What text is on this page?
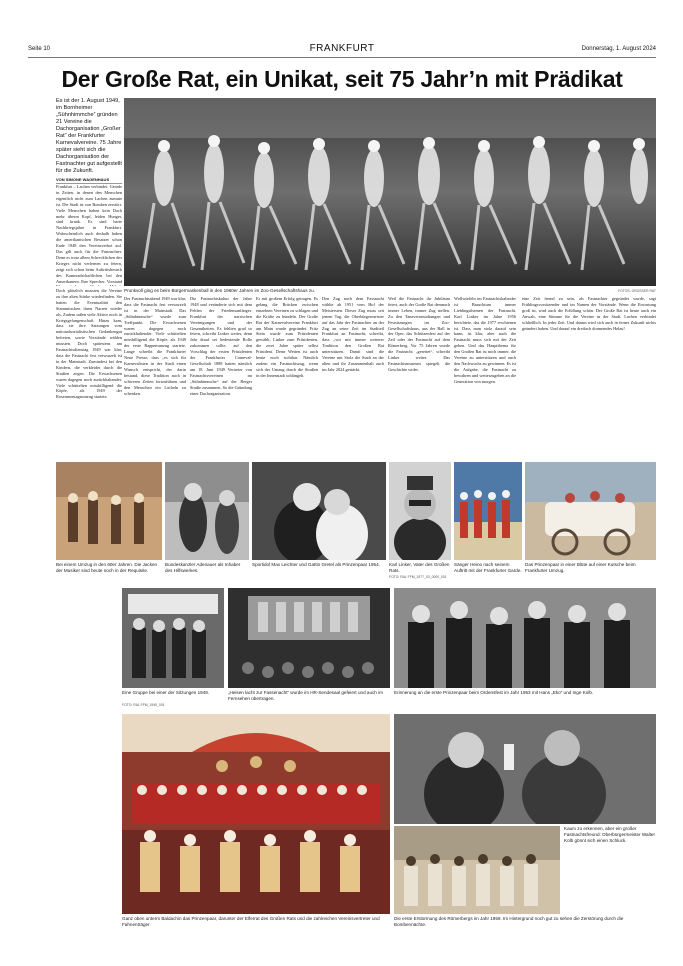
Seite 10	FRANKFURT	Donnerstag, 1. August 2024
Der Große Rat, ein Unikat, seit 75 Jahr’n mit Prädikat

Es ist der 1. August 1949, im Bornheimer „Sühnhimmche“ gründen 21 Vereine die Dachorganisation „Großer Rat“ der Frankfurter Karnevalvereine. 75 Jahre später sieht sich die Dachorganisation der Fastnachter gut aufgestellt für die Zukunft.

VON SIMONE WAGENHAUS

Prunkvoll ging es beim Bürgermaskenball in den 1960er Jahren im Zoo-Gesellschaftshaus zu.	FOTOS: GROSSER RAT

Frankfurt – Lachen verbindet. Gerade in Zeiten, in denen den Menschen eigentlich nicht zum Lachen zumute ist. Die Stadt ist von Bomben zerstört. Viele Menschen haben kein Dach mehr überm Kopf, leiden Hunger, sind krank. Es sind harte Nachkriegsjahre in Frankfurt. Wahrscheinlich auch deshalb haben die amerikanischen Besatzer schon Ende 1948 den Vereinsverbot auf. Das gilt auch für die Fastnachter. Denn es trotz allem Schrecklichen des Krieges nicht verlernen zu feiern, zeigt sich schon beim Auftrittsbesuch des Kameradschaftlichen bei den Amerikanern. Ihre Sprecher, Vorstand
Doch plötzlich mussten die Vereine zu ihre alten Stärke wiederfinden. Sie hatten die Eventualität den Stammtischen ihren Narren wieder als, Zudem saßen viele Aktive noch in Kriegsgefangenschaft. Hinzu kam, dass sie ihre Satzungen vom nationalsozialistischen Gedankengut befreien, sowie Vorstände wählen mussten. Doch spätestens am Fastnachtsdienstag 1949 war klar, dass die Fastnacht fest verwurzelt ist in der Mainstadt. Zumindest bei den Kindern, die verkleidet durch die Straßen zogen. Die Erwachsenen waren dagegen noch zurückhaltender. Viele schüttelten missbilligend die Köpfe, als 1949 der Rosenmontagsumzug startete.
Der Fastnachtsabend 1949 war klar, dass die Fastnacht fest verwurzelt ist in der Mainstadt. Das „Sühnhimmche“ wurde zum Treffpunkt. Die Erwachsenen waren dagegen noch zurückhaltender. Viele schüttelten missbilligend die Köpfe, als 1949 der erste Rappenumzug startete. Lange schreibt die Frankfurter Neue Presse, dass „es sich für Karnevalisten in der Stadt einen Wunsch entspricht, der darin bestand, diese Tradition auch in schweren Zeiten fortzuführen und den Menschen ein Lächeln zu schenken.
Die Fastnachtskultur der Jahre 1948 und veränderte sich mit dem Fehlen der Friedensanfänger. Frankfurt der narrischen Vereinigungen und der Gesamtheiten. Es fehlten grad so feiern, schreibt Linker weiter, denn Jahr drauf sei bedeutende Rolle zukommen sollte, auf den Vorschlag der ersten Präsidenten der Frankfurter Carneval-Gesellschaft 1888 hatten nämlich am 18. Juni 1949 Vertreter von Fastnachtsvereinen im „Sühnhimmche“ auf der Berger Straße zusammen. So die Gründung einer Dachorganisation.
Er mit großem Erfolg getragen. Es gelang die Brücken zwischen einzelnen Vereinen zu schlagen und die Kräfte zu bündeln. Der Große Rat der Karnevalvereine Frankfurt am Main wurde gegründet. Fritz Stein wurde zum Präsidenten gewählt, Linker zum Präsidenten, die zwei Jahre später selbst Präsident. Denn Wetten ist auch heute noch sichtbar. Nämlich zudem ein Fastnachtszug, wenn sich der Umzug durch die Straßen in der Innenstadt schlängelt.
Den Zug nach dem Fassnacht wählte ab 1951 vom Hof der Meistersten. Dieser Zug muss seit jenem Tag, die Oberbürgermeister auf das Jahr der Fastnachter an der Zug an seine Zeit im Stadtteil Frankfurt an Fastnacht, schreibt, dass „wir mit immer weiterer Tradition den Großen Rat unterstützen. Damit sind die Vereine mit Stolz die Stadt an der alten und ihr Zusammenhalt auch im Jahr 2024 gestärkt.
Weil die Fastnacht ihr Jubiläum feiert, auch der Große Rat demnach immer Leben, immer Zug stellen. Zu den Tanzveranstaltungen und Festsitzungen im Zoo-Gesellschaftshaus, aus der Ball in der Oper, das Schützenfest auf der Zeil oder der Fastnacht auf dem Römerberg. Vor 75 Jahren wurde die Fastnacht „gerettet“, schreibt Linker weiter. Das Fastnachtsmuseum spiegelt die Geschichte wider.
Wollwürfeln im Fastnachtskalender ist Brauchtum immer Lieblingsthemen der Fastnacht. Karl Linker im Jahre 1956 berichtete, das die 1977 erschienen ist. Dass man stolz darauf sein kann, ist klar, aber auch die Fastnacht muss sich mit der Zeit gehen. Und das Hauptthema für den Großen Rat ist noch immer, die Vereine zu unterstützen und auch den Nachwuchs zu gewinnen. Es ist die Aufgabe, die Fastnacht zu bewahren und weiterzugeben an die Generation von morgen.
eine Zeit fremd zu sein, als Fastnachter gegründet wurde, sagt Frühlingsvorsitzender und im Namen der Vorstände. Wenn die Erwartung groß ist, wird auch die Erfüllung schön. Der Große Rat ist heute auch ein Anwalt, eine Stimme für die Vereine in der Stadt. Lachen verbindet schließlich. In jeder Zeit. Und darum wird sich auch in ferner Zukunft nichts geändert haben. Und darauf ein dreifach donnerndes Helau!

Bei einem Umzug in den 60er Jahren. Die Jacken der Musiker sind heute noch in der Requisite.

Bundeskanzler Adenauer als Inhaber des Hilfswerkes.

Sportidol Max Leichter und Gattin Gretel als Prinzenpaar 1954.	Karl Linker, Vater des Großen Rats.

FOTO: RAL FFM_1977_03_0000_001

Sänger Heino nach seinem Auftritt mit der Frankfurter Garde.

Das Prinzenpaar in einer Blüte auf einer Kutsche beim Frankfurter Umzug.

Eine Gruppe bei einer der Sitzungen 1949.

FOTO: RAL FFM_1949_001

„Heisen lacht zur Fassenacht“ wurde im HR-Sendesaal gefeiert und auch im Fernsehen übertragen.

Erinnerung an die erste Prinzenpaar beim Ordensfest im Jahr 1953 mit Hans „Eko“ und Inge Kolb.

Kaum zu erkennen, aber ein großer Fastnachtsfreund: Oberbürgermeister Walter Kolb gönnt sich einen Schluck.

Ganz oben unterm Baldachin das Prinzenpaar, darunter der Elferrat des Großen Rats und die zahlreichen Vereinsvertreter und Fahnenträger.

Die erste Erstürmung des Römerbergs im Jahr 1959. Im Hintergrund noch gut zu sehen die Zerstörung durch die Bombennächte.
